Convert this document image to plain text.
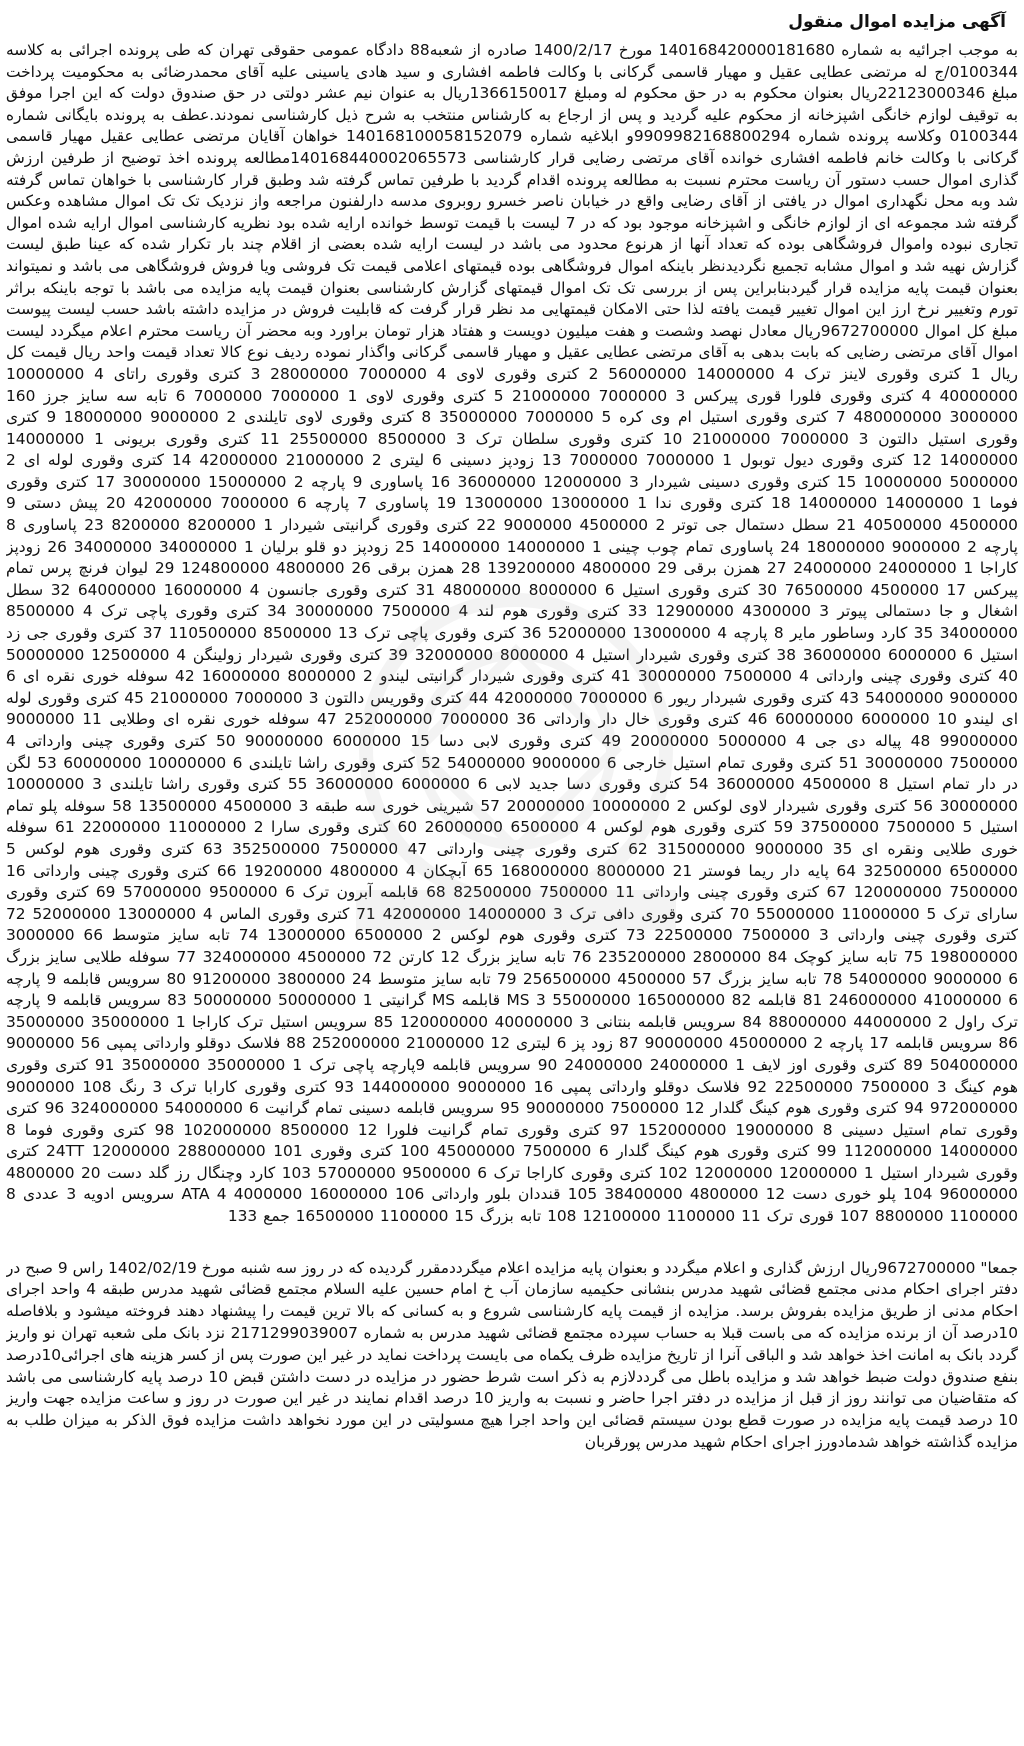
آگهی مزایده اموال منقول

به موجب اجرائیه به شماره 140168420000181680 مورخ 1400/2/17 صادره از شعبه88 دادگاه عمومی حقوقی تهران که طی پرونده اجرائی به کلاسه 0100344/ج له مرتضی عطایی عقیل و مهیار قاسمی گرکانی با وکالت فاطمه افشاری و سید هادی یاسینی علیه آقای محمدرضائی به محکومیت پرداخت مبلغ 22123000346ریال بعنوان محکوم به در حق محکوم له ومبلغ 1366150017ریال به عنوان نیم عشر دولتی در حق صندوق دولت که این اجرا موفق به توقیف لوازم خانگی اشپزخانه از محکوم علیه گردید و پس از ارجاع به کارشناس منتخب به شرح ذیل کارشناسی نمودند.عطف به پرونده بایگانی شماره 0100344 وکلاسه پرونده شماره 9909982168800294و ابلاغیه شماره 140168100058152079 خواهان آقایان مرتضی عطایی عقیل مهیار قاسمی گرکانی با وکالت خانم فاطمه افشاری خوانده آقای مرتضی رضایی قرار کارشناسی 140168440002065573مطالعه پرونده اخذ توضیح از طرفین ارزش گذاری اموال حسب دستور آن ریاست محترم نسبت به مطالعه پرونده اقدام گردید با طرفین تماس گرفته شد وطبق قرار کارشناسی با خواهان تماس گرفته شد وبه محل نگهداری اموال در یافتی از آقای رضایی واقع در خیابان ناصر خسرو روبروی مدسه دارلفنون مراجعه واز نزدیک تک تک اموال مشاهده وعکس گرفته شد مجموعه ای از لوازم خانگی و اشپزخانه موجود بود که در 7 لیست با قیمت توسط خوانده ارایه شده بود نظریه کارشناسی اموال ارایه شده اموال تجاری نبوده واموال فروشگاهی بوده که تعداد آنها از هرنوع محدود می باشد در لیست ارایه شده بعضی از اقلام چند بار تکرار شده که عینا طبق لیست گزارش نهیه شد و اموال مشابه تجمیع نگردیدنظر باینکه اموال فروشگاهی بوده قیمتهای اعلامی قیمت تک فروشی ویا فروش فروشگاهی می باشد و نمیتواند بعنوان قیمت پایه مزایده قرار گیردبنابراین پس از بررسی تک تک اموال قیمتهای گزارش کارشناسی بعنوان قیمت پایه مزایده می باشد با توجه باینکه براثر تورم وتغییر نرخ ارز این اموال تغییر قیمت یافته لذا حتی الامکان قیمتهایی مد نظر قرار گرفت که قابلیت فروش در مزایده داشته باشد حسب لیست پیوست مبلغ کل اموال 9672700000ریال معادل نهصد وشصت و هفت میلیون دویست و هفتاد هزار تومان براورد وبه محضر آن ریاست محترم اعلام میگردد لیست اموال آقای مرتضی رضایی که بابت بدهی به آقای مرتضی عطایی عقیل و مهیار قاسمی گرکانی واگذار نموده ردیف نوع کالا تعداد قیمت واحد ریال قیمت کل ریال 1 کتری وقوری لاینز ترک 4 14000000 56000000 2 کتری وقوری لاوی 4 7000000 28000000 3 کتری وقوری راتای 4 10000000 40000000 4 کتری وقوری فلورا قوری پیرکس 3 7000000 21000000 5 کتری وقوری لاوی 1 7000000 7000000 6 تابه سه سایز جرز 160 3000000 480000000 7 کتری وقوری استیل ام وی کره 5 7000000 35000000 8 کتری وقوری لاوی تایلندی 2 9000000 18000000 9 کتری وقوری استیل دالتون 3 7000000 21000000 10 کتری وقوری سلطان ترک 3 8500000 25500000 11 کتری وقوری بریونی 1 14000000 14000000 12 کتری وقوری دیول توبول 1 7000000 7000000 13 زودپز دسینی 6 لیتری 2 21000000 42000000 14 کتری وقوری لوله ای 2 5000000 10000000 15 کتری وقوری دسینی شیردار 3 12000000 36000000 16 پاساوری 9 پارچه 2 15000000 30000000 17 کتری وقوری فوما 1 14000000 14000000 18 کتری وقوری ندا 1 13000000 13000000 19 پاساوری 7 پارچه 6 7000000 42000000 20 پیش دستی 9 4500000 40500000 21 سطل دستمال جی توتر 2 4500000 9000000 22 کتری وقوری گرانیتی شیردار 1 8200000 8200000 23 پاساوری 8 پارچه 2 9000000 18000000 24 پاساوری تمام چوب چینی 1 14000000 14000000 25 زودپز دو قلو برلیان 1 34000000 34000000 26 زودپز کاراجا 1 24000000 24000000 27 همزن برقی 29 4800000 139200000 28 همزن برقی 26 4800000 124800000 29 لیوان فرنچ پرس تمام پیرکس 17 4500000 76500000 30 کتری وقوری استیل 6 8000000 48000000 31 کتری وقوری جانسون 4 16000000 64000000 32 سطل اشغال و جا دستمالی پیوتر 3 4300000 12900000 33 کتری وقوری هوم لند 4 7500000 30000000 34 کتری وقوری پاچی ترک 4 8500000 34000000 35 کارد وساطور مایر 8 پارچه 4 13000000 52000000 36 کتری وقوری پاچی ترک 13 8500000 110500000 37 کتری وقوری جی زد استیل 6 6000000 36000000 38 کتری وقوری شیردار استیل 4 8000000 32000000 39 کتری وقوری شیردار زولینگن 4 12500000 50000000 40 کتری وقوری چینی وارداتی 4 7500000 30000000 41 کتری وقوری شیردار گرانیتی لیندو 2 8000000 16000000 42 سوفله خوری نقره ای 6 9000000 54000000 43 کتری وقوری شیردار ریور 6 7000000 42000000 44 کتری وقوریس دالتون 3 7000000 21000000 45 کتری وقوری لوله ای لیندو 10 6000000 60000000 46 کتری وقوری خال دار وارداتی 36 7000000 252000000 47 سوفله خوری نقره ای وطلایی 11 9000000 99000000 48 پیاله دی جی 4 5000000 20000000 49 کتری وقوری لابی دسا 15 6000000 90000000 50 کتری وقوری چینی وارداتی 4 7500000 30000000 51 کتری وقوری تمام استیل خارجی 6 9000000 54000000 52 کتری وقوری راشا تایلندی 6 10000000 60000000 53 لگن در دار تمام استیل 8 4500000 36000000 54 کتری وقوری دسا جدید لابی 6 6000000 36000000 55 کتری وقوری راشا تایلندی 3 10000000 30000000 56 کتری وقوری شیردار لاوی لوکس 2 10000000 20000000 57 شیرینی خوری سه طبقه 3 4500000 13500000 58 سوفله پلو تمام استیل 5 7500000 37500000 59 کتری وقوری هوم لوکس 4 6500000 26000000 60 کتری وقوری سارا 2 11000000 22000000 61 سوفله خوری طلایی ونقره ای 35 9000000 315000000 62 کتری وقوری چینی وارداتی 47 7500000 352500000 63 کتری وقوری هوم لوکس 5 6500000 32500000 64 پایه دار ریما فوستر 21 8000000 168000000 65 آبچکان 4 4800000 19200000 66 کتری وقوری چینی وارداتی 16 7500000 120000000 67 کتری وقوری چینی وارداتی 11 7500000 82500000 68 قابلمه آبرون ترک 6 9500000 57000000 69 کتری وقوری سارای ترک 5 11000000 55000000 70 کتری وقوری دافی ترک 3 14000000 42000000 71 کتری وقوری الماس 4 13000000 52000000 72 کتری وقوری چینی وارداتی 3 7500000 22500000 73 کتری وقوری هوم لوکس 2 6500000 13000000 74 تابه سایز متوسط 66 3000000 198000000 75 تابه سایز کوچک 84 2800000 235200000 76 تابه سایز بزرگ 12 کارتن 72 4500000 324000000 77 سوفله طلایی سایز بزرگ 6 9000000 54000000 78 تابه سایز بزرگ 57 4500000 256500000 79 تابه سایز متوسط 24 3800000 91200000 80 سرویس قابلمه 9 پارچه 6 41000000 246000000 81 قابلمه MS 3 55000000 165000000 82 قابلمه MS گرانیتی 1 50000000 50000000 83 سرویس قابلمه 9 پارچه ترک راول 2 44000000 88000000 84 سرویس قابلمه بنتانی 3 40000000 120000000 85 سرویس استیل ترک کاراجا 1 35000000 35000000 86 سرویس قابلمه 17 پارچه 2 45000000 90000000 87 زود پز 6 لیتری 12 21000000 252000000 88 فلاسک دوقلو وارداتی پمپی 56 9000000 504000000 89 کتری وقوری اوز لایف 1 24000000 24000000 90 سرویس قابلمه 9پارچه پاچی ترک 1 35000000 35000000 91 کتری وقوری هوم کینگ 3 7500000 22500000 92 فلاسک دوقلو وارداتی پمپی 16 9000000 144000000 93 کتری وقوری کارابا ترک 3 رنگ 108 9000000 972000000 94 کتری وقوری هوم کینگ گلدار 12 7500000 90000000 95 سرویس قابلمه دسینی تمام گرانیت 6 54000000 324000000 96 کتری وقوری تمام استیل دسینی 8 19000000 152000000 97 کتری وقوری تمام گرانیت فلورا 12 8500000 102000000 98 کتری وقوری فوما 8 14000000 112000000 99 کتری وقوری هوم کینگ گلدار 6 7500000 45000000 100 کتری وقوری 24TT 12000000 288000000 101 کتری وقوری شیردار استیل 1 12000000 12000000 102 کتری وقوری کاراجا ترک 6 9500000 57000000 103 کارد وچنگال رز گلد دست 20 4800000 96000000 104 پلو خوری دست 12 4800000 38400000 105 قنددان بلور وارداتی ATA 4 4000000 16000000 106 سرویس ادویه 3 عددی 8 1100000 8800000 107 قوری ترک 11 1100000 12100000 108 تابه بزرگ 15 1100000 16500000 جمع 133

جمعا" 9672700000ریال ارزش گذاری و اعلام میگردد و بعنوان پایه مزایده اعلام میگرددمقرر گردیده که در روز سه شنبه مورخ 1402/02/19 راس 9 صبح در دفتر اجرای احکام مدنی مجتمع قضائی شهید مدرس بنشانی حکیمیه سازمان آب خ امام حسین علیه السلام مجتمع قضائی شهید مدرس طبقه 4 واحد اجرای احکام مدنی از طریق مزایده بفروش برسد. مزایده از قیمت پایه کارشناسی شروع و به کسانی که بالا ترین قیمت را پیشنهاد دهند فروخته میشود و بلافاصله 10درصد آن از برنده مزایده که می باست قبلا به حساب سپرده مجتمع قضائی شهید مدرس به شماره 2171299039007 نزد بانک ملی شعبه تهران نو واریز گردد بانک به امانت اخذ خواهد شد و الباقی آنرا از تاریخ مزایده ظرف یکماه می بایست پرداخت نماید در غیر این صورت پس از کسر هزینه های اجرائی10درصد بنفع صندوق دولت ضبط خواهد شد و مزایده باطل می گرددلازم به ذکر است شرط حضور در مزایده در دست داشتن قبض 10 درصد پایه کارشناسی می باشد که متقاضیان می توانند روز از قبل از مزایده در دفتر اجرا حاضر و نسبت به واریز 10 درصد اقدام نمایند در غیر این صورت در روز و ساعت مزایده جهت واریز 10 درصد قیمت پایه مزایده در صورت قطع بودن سیستم قضائی این واحد اجرا هیچ مسولیتی در این مورد نخواهد داشت مزایده فوق الذکر به میزان طلب به مزایده گذاشته خواهد شدمادورز اجرای احکام شهید مدرس پورقربان
